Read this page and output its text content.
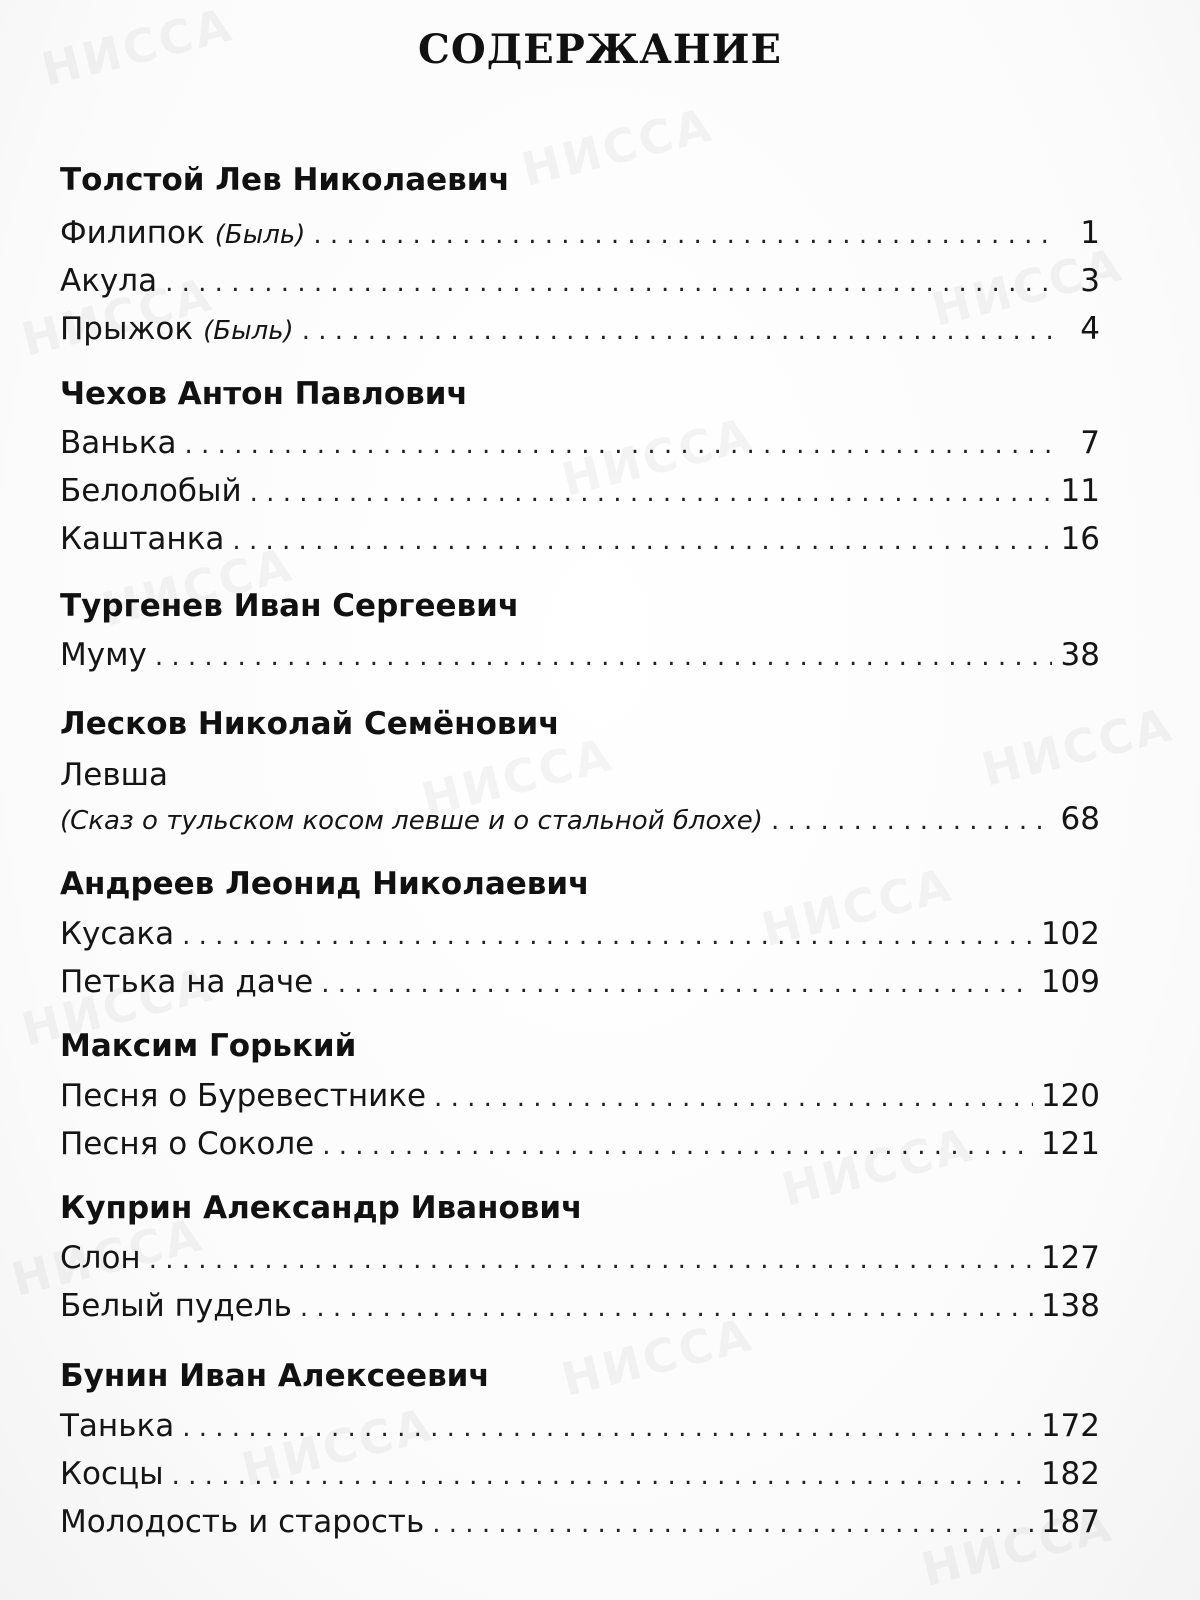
СОДЕРЖАНИЕ
Толстой Лев Николаевич
Филипок (Быль) . . .	1
Акула . . .	3
Прыжок (Быль) . . .	4
Чехов Антон Павлович
Ванька . . .	7
Белолобый . . .	11
Каштанка . . .	16
Тургенев Иван Сергеевич
Муму . . .	38
Лесков Николай Семёнович
Левша
(Сказ о тульском косом левше и о стальной блохе) . . .	68
Андреев Леонид Николаевич
Кусака . . .	102
Петька на даче . . .	109
Максим Горький
Песня о Буревестнике . . .	120
Песня о Соколе . . .	121
Куприн Александр Иванович
Слон . . .	127
Белый пудель . . .	138
Бунин Иван Алексеевич
Танька . . .	172
Косцы . . .	182
Молодость и старость . . .	187
